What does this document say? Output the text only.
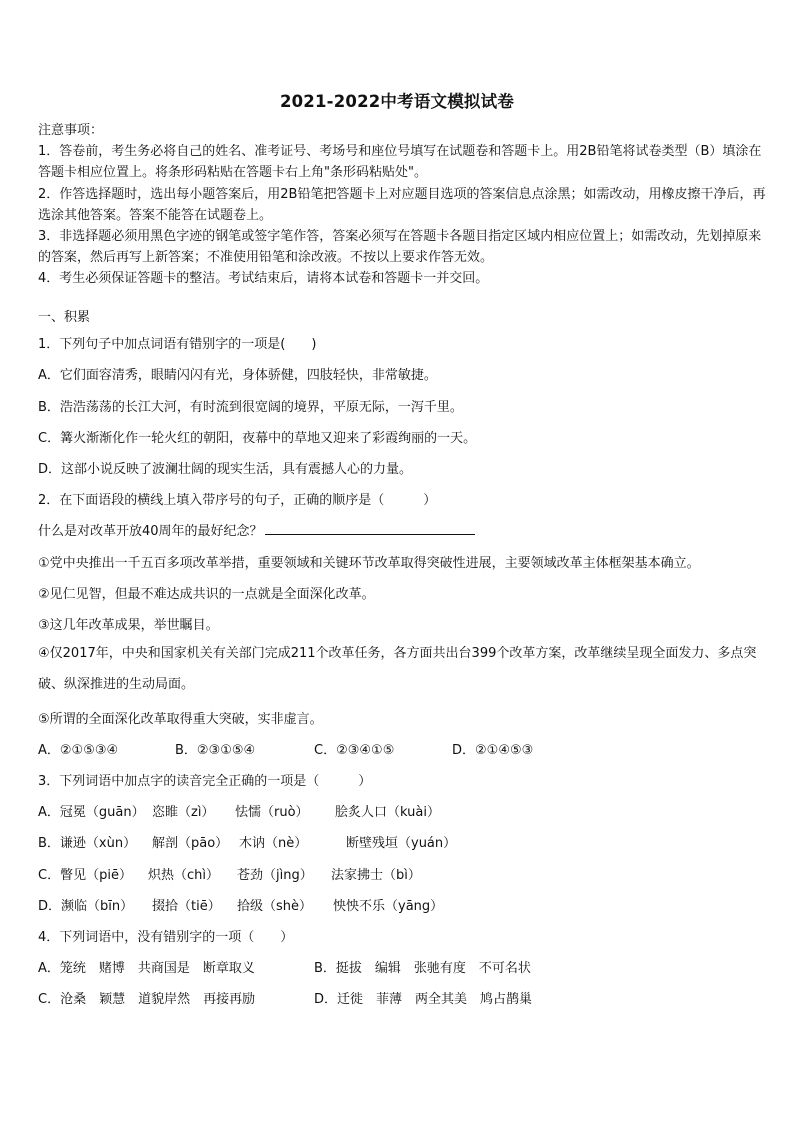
2021-2022中考语文模拟试卷

注意事项：

1．答卷前，考生务必将自己的姓名、准考证号、考场号和座位号填写在试题卷和答题卡上。用2B铅笔将试卷类型（B）填涂在答题卡相应位置上。将条形码粘贴在答题卡右上角"条形码粘贴处"。

2．作答选择题时，选出每小题答案后，用2B铅笔把答题卡上对应题目选项的答案信息点涂黑；如需改动，用橡皮擦干净后，再选涂其他答案。答案不能答在试题卷上。

3．非选择题必须用黑色字迹的钢笔或签字笔作答，答案必须写在答题卡各题目指定区域内相应位置上；如需改动，先划掉原来的答案，然后再写上新答案；不准使用铅笔和涂改液。不按以上要求作答无效。

4．考生必须保证答题卡的整洁。考试结束后，请将本试卷和答题卡一并交回。

一、积累
1．下列句子中加点词语有错别字的一项是(　　)
A．它们面容清秀，眼睛闪闪有光，身体骄健，四肢轻快，非常敏捷。
B．浩浩荡荡的长江大河，有时流到很宽阔的境界，平原无际，一泻千里。
C．篝火渐渐化作一轮火红的朝阳，夜幕中的草地又迎来了彩霞绚丽的一天。
D．这部小说反映了波澜壮阔的现实生活，具有震撼人心的力量。
2．在下面语段的横线上填入带序号的句子，正确的顺序是（　　　）
什么是对改革开放40周年的最好纪念？
①党中央推出一千五百多项改革举措，重要领域和关键环节改革取得突破性进展，主要领域改革主体框架基本确立。
②见仁见智，但最不难达成共识的一点就是全面深化改革。
③这几年改革成果，举世瞩目。
④仅2017年，中央和国家机关有关部门完成211个改革任务，各方面共出台399个改革方案，改革继续呈现全面发力、多点突破、纵深推进的生动局面。
⑤所谓的全面深化改革取得重大突破，实非虚言。
A．②①⑤③④	B．②③①⑤④	C．②③④①⑤	D．②①④⑤③
3．下列词语中加点字的读音完全正确的一项是（　　　）
A．冠冕（guān） 恣睢（zì） 怯懦（ruò） 脍炙人口（kuài）
B．谦逊（xùn） 解剖（pāo） 木讷（nè）	断壁残垣（yuán）
C．瞥见（piē） 炽热（chì） 苍劲（jìng） 法家拂士（bì）
D．濒临（bīn） 掇拾（tiē） 拾级（shè） 怏怏不乐（yāng）
4．下列词语中，没有错别字的一项（　　）
A．笼统　赌博　共商国是　断章取义	B．挺拔　编辑　张驰有度　不可名状
C．沧桑　颖慧　道貌岸然　再接再励	D．迁徙　菲薄　两全其美　鸠占鹊巢
